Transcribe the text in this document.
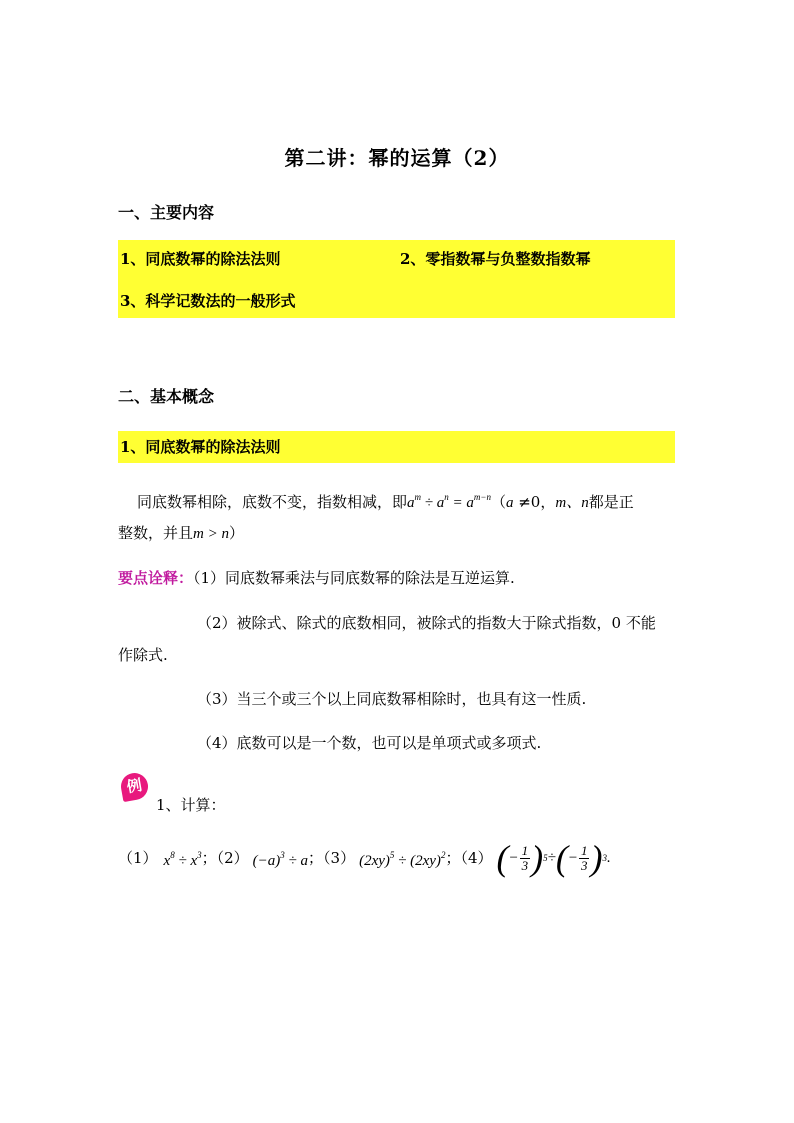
第二讲：幂的运算（2）
一、主要内容
1、同底数幂的除法法则	2、零指数幂与负整数指数幂
3、科学记数法的一般形式
二、基本概念
1、同底数幂的除法法则
同底数幂相除，底数不变，指数相减，即$a^m \div a^n = a^{m-n}(a \ne 0$，m、n都是正
整数，并且m > n）
要点诠释：（1）同底数幂乘法与同底数幂的除法是互逆运算.
（2）被除式、除式的底数相同，被除式的指数大于除式指数，0 不能
作除式.
（3）当三个或三个以上同底数幂相除时，也具有这一性质.
（4）底数可以是一个数，也可以是单项式或多项式.
例
1、计算：
（1） $x^8 \div x^3$ ；（2） $(-a)^3 \div a$ ；（3） $(2xy)^5 \div (2xy)^2$ ；（4） ( − $\frac{1}{3}$ ) 5 ÷ ( − $\frac{1}{3}$ ) 3 .
